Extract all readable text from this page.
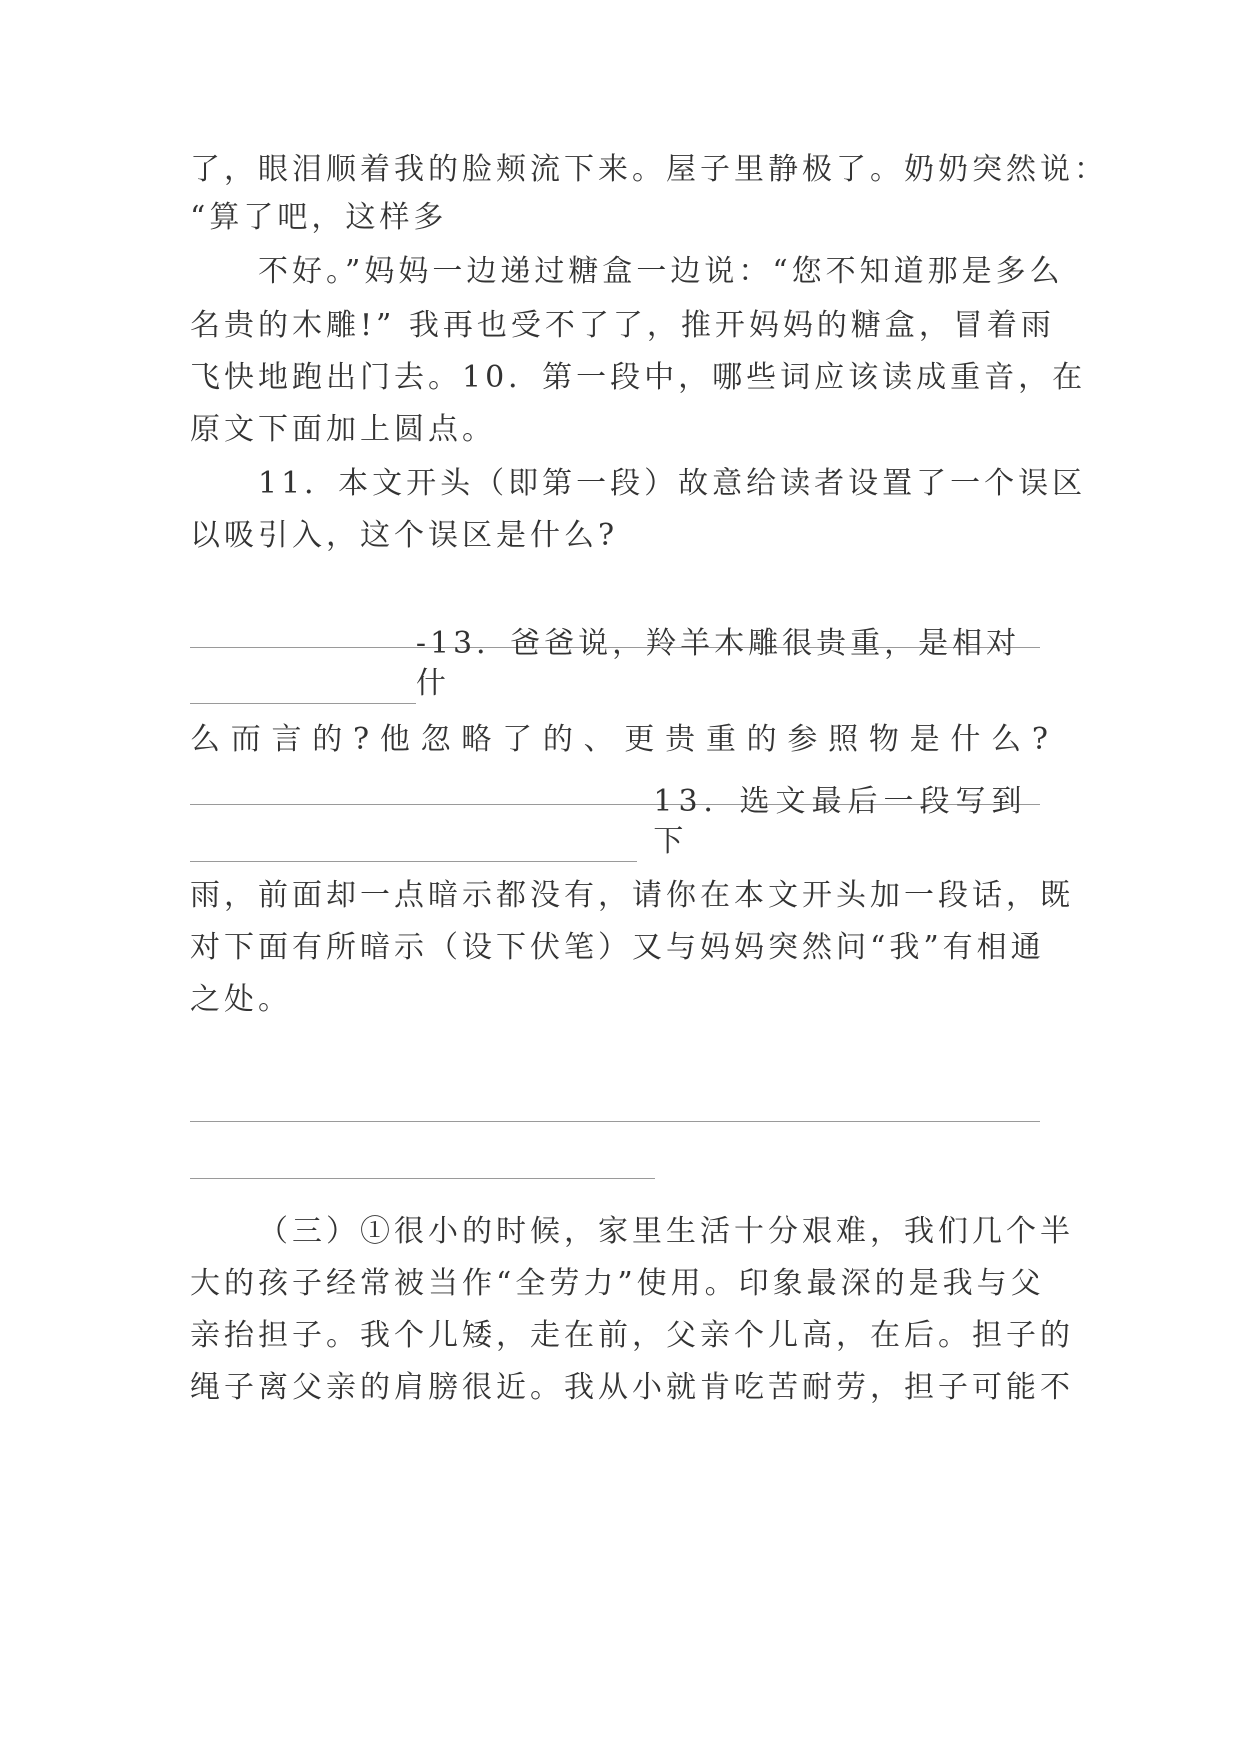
了，眼泪顺着我的脸颊流下来。屋子里静极了。奶奶突然说：
“算了吧，这样多
不好。”妈妈一边递过糖盒一边说：“您不知道那是多么
名贵的木雕!” 我再也受不了了，推开妈妈的糖盒，冒着雨
飞快地跑出门去。10．第一段中，哪些词应该读成重音，在
原文下面加上圆点。
11．本文开头（即第一段）故意给读者设置了一个误区
以吸引入，这个误区是什么?
-13．爸爸说，羚羊木雕很贵重，是相对什
么而言的?他忽略了的、更贵重的参照物是什么?
13．选文最后一段写到下
雨，前面却一点暗示都没有，请你在本文开头加一段话，既
对下面有所暗示（设下伏笔）又与妈妈突然问“我”有相通
之处。
（三）①很小的时候，家里生活十分艰难，我们几个半
大的孩子经常被当作“全劳力”使用。印象最深的是我与父
亲抬担子。我个儿矮，走在前，父亲个儿高，在后。担子的
绳子离父亲的肩膀很近。我从小就肯吃苦耐劳，担子可能不
